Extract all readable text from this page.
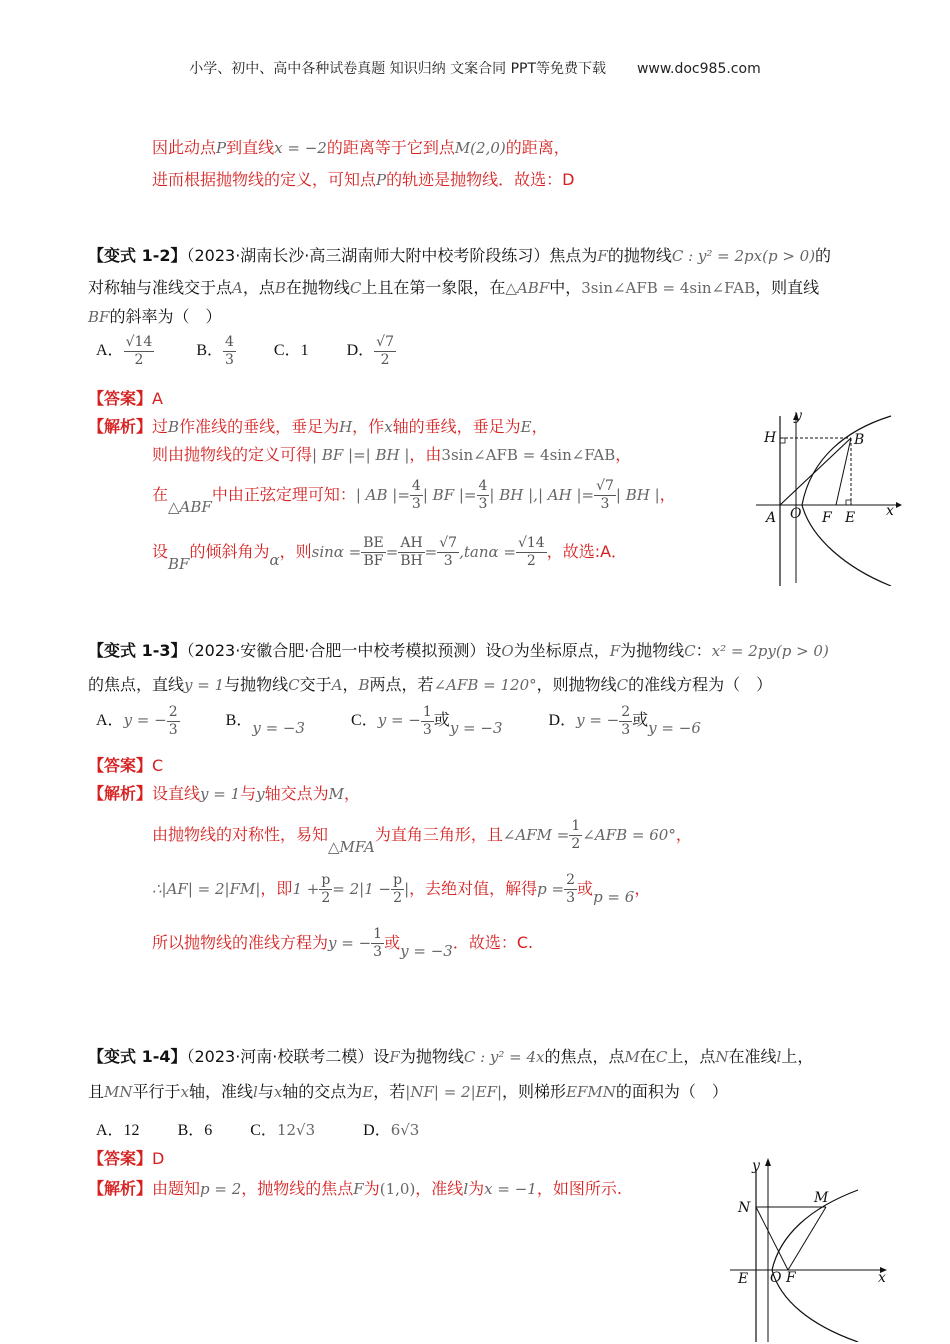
小学、初中、高中各种试卷真题 知识归纳 文案合同 PPT等免费下载 www.doc985.com
因此动点P到直线x = −2的距离等于它到点M(2,0)的距离，
进而根据抛物线的定义，可知点P的轨迹是抛物线．故选：D
【变式 1-2】（2023·湖南长沙·高三湖南师大附中校考阶段练习）焦点为F的抛物线C : y² = 2px(p > 0)的
对称轴与准线交于点A，点B在抛物线C上且在第一象限，在△ABF中，3sin∠AFB = 4sin∠FAB，则直线
BF的斜率为（　）
A． $\frac{√14}{2}$	B． $\frac{4}{3}$ C．1 D． $\frac{√7}{2}$
【答案】A
【解析】过B作准线的垂线，垂足为H，作x轴的垂线，垂足为E，
则由抛物线的定义可得| BF |=| BH |，由3sin∠AFB = 4sin∠FAB，
在△ABF中由正弦定理可知：| AB |= $\frac{4}{3}$ | BF |= $\frac{4}{3}$ | BH |,| AH |= $\frac{√7}{3}$ | BH |，
设BF的倾斜角为α，则$\sin\alpha = \frac{BE}{BF} = \frac{AH}{BH} = \frac{√7}{3} ,\tan\alpha = \frac{√14}{2}$ ，故选:A．
y
H	B
A O F E x
【变式 1-3】（2023·安徽合肥·合肥一中校考模拟预测）设O为坐标原点，F为抛物线C：x² = 2py(p > 0)
的焦点，直线y = 1与抛物线C交于A，B两点，若∠AFB = 120°，则抛物线C的准线方程为（　）
A．y = − $\frac{2}{3}$	B．y = −3	C．y = − $\frac{1}{3}$ 或y = −3	D．y = − $\frac{2}{3}$ 或y = −6
【答案】C
【解析】设直线y = 1与y轴交点为M，
由抛物线的对称性，易知△MFA为直角三角形，且∠AFM = $\frac{1}{2}$ ∠AFB = 60°，
∴|AF| = 2|FM|，即$1 + \frac{p}{2} = 2|1 - \frac{p}{2}$ |，去绝对值，解得$p = \frac{2}{3}$ 或p = 6，
所以抛物线的准线方程为y = − $\frac{1}{3}$ 或y = −3．故选：C.
【变式 1-4】（2023·河南·校联考二模）设F为抛物线C : y² = 4x的焦点，点M在C上，点N在准线l上，
且MN平行于x轴，准线l与x轴的交点为E，若|NF| = 2|EF|，则梯形EFMN的面积为（　）
A．12 B．6 C．12√3	D．6√3
【答案】D
【解析】由题知p = 2，抛物线的焦点F为(1,0)，准线l为x = −1，如图所示.
y
N
M
E O F	x
